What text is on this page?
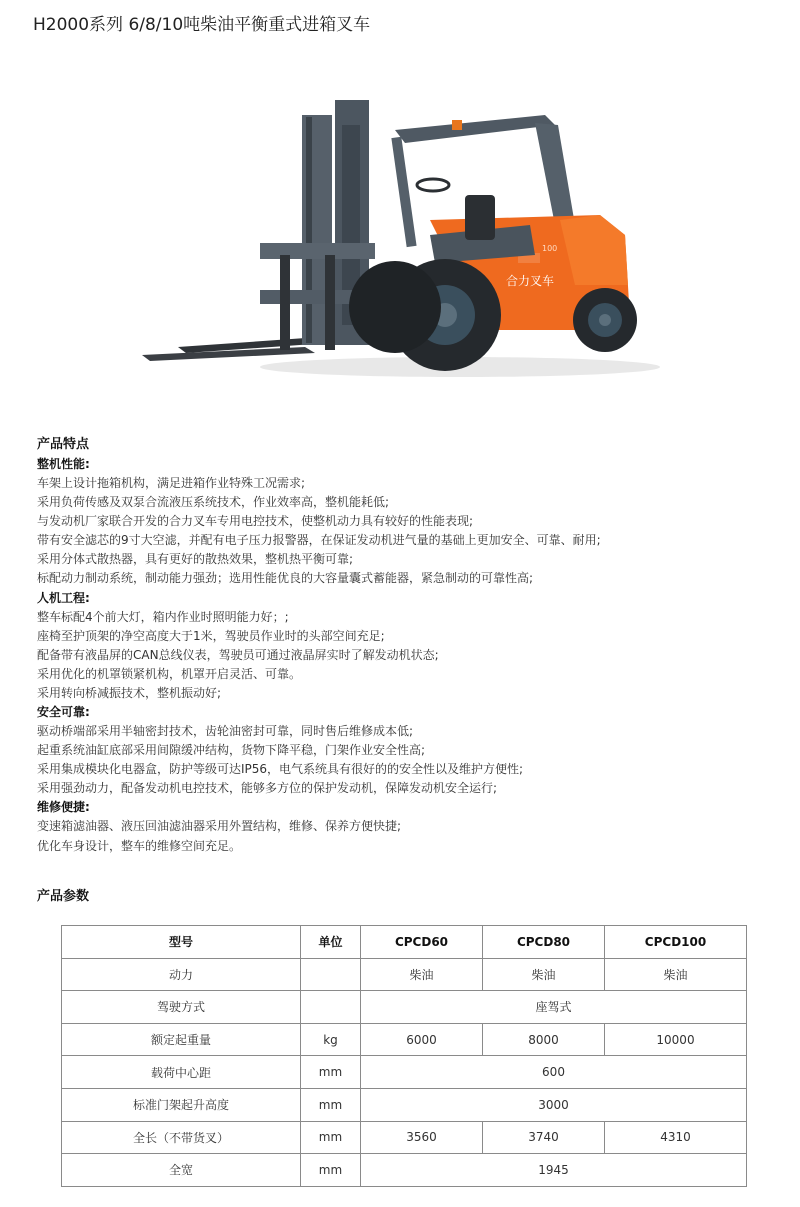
H2000系列 6/8/10吨柴油平衡重式进箱叉车
合力叉车
100
产品特点
整机性能:
车架上设计拖箱机构，满足进箱作业特殊工况需求;
采用负荷传感及双泵合流液压系统技术，作业效率高，整机能耗低;
与发动机厂家联合开发的合力叉车专用电控技术，使整机动力具有较好的性能表现;
带有安全滤芯的9寸大空滤，并配有电子压力报警器，在保证发动机进气量的基础上更加安全、可靠、耐用;
采用分体式散热器，具有更好的散热效果，整机热平衡可靠;
标配动力制动系统，制动能力强劲；选用性能优良的大容量囊式蓄能器，紧急制动的可靠性高;
人机工程:
整车标配4个前大灯，箱内作业时照明能力好；;
座椅至护顶架的净空高度大于1米，驾驶员作业时的头部空间充足;
配备带有液晶屏的CAN总线仪表，驾驶员可通过液晶屏实时了解发动机状态;
采用优化的机罩锁紧机构，机罩开启灵活、可靠。
采用转向桥减振技术，整机振动好;
安全可靠:
驱动桥端部采用半轴密封技术，齿轮油密封可靠，同时售后维修成本低;
起重系统油缸底部采用间隙缓冲结构，货物下降平稳，门架作业安全性高;
采用集成模块化电器盒，防护等级可达IP56，电气系统具有很好的的安全性以及维护方便性;
采用强劲动力，配备发动机电控技术，能够多方位的保护发动机，保障发动机安全运行;
维修便捷:
变速箱滤油器、液压回油滤油器采用外置结构，维修、保养方便快捷;
优化车身设计，整车的维修空间充足。
产品参数
型号	单位	CPCD60	CPCD80	CPCD100
动力		柴油	柴油	柴油
驾驶方式		座驾式		
额定起重量	kg	6000	8000	10000
载荷中心距	mm	600		
标准门架起升高度	mm	3000		
全长（不带货叉）	mm	3560	3740	4310
全宽	mm	1945		
